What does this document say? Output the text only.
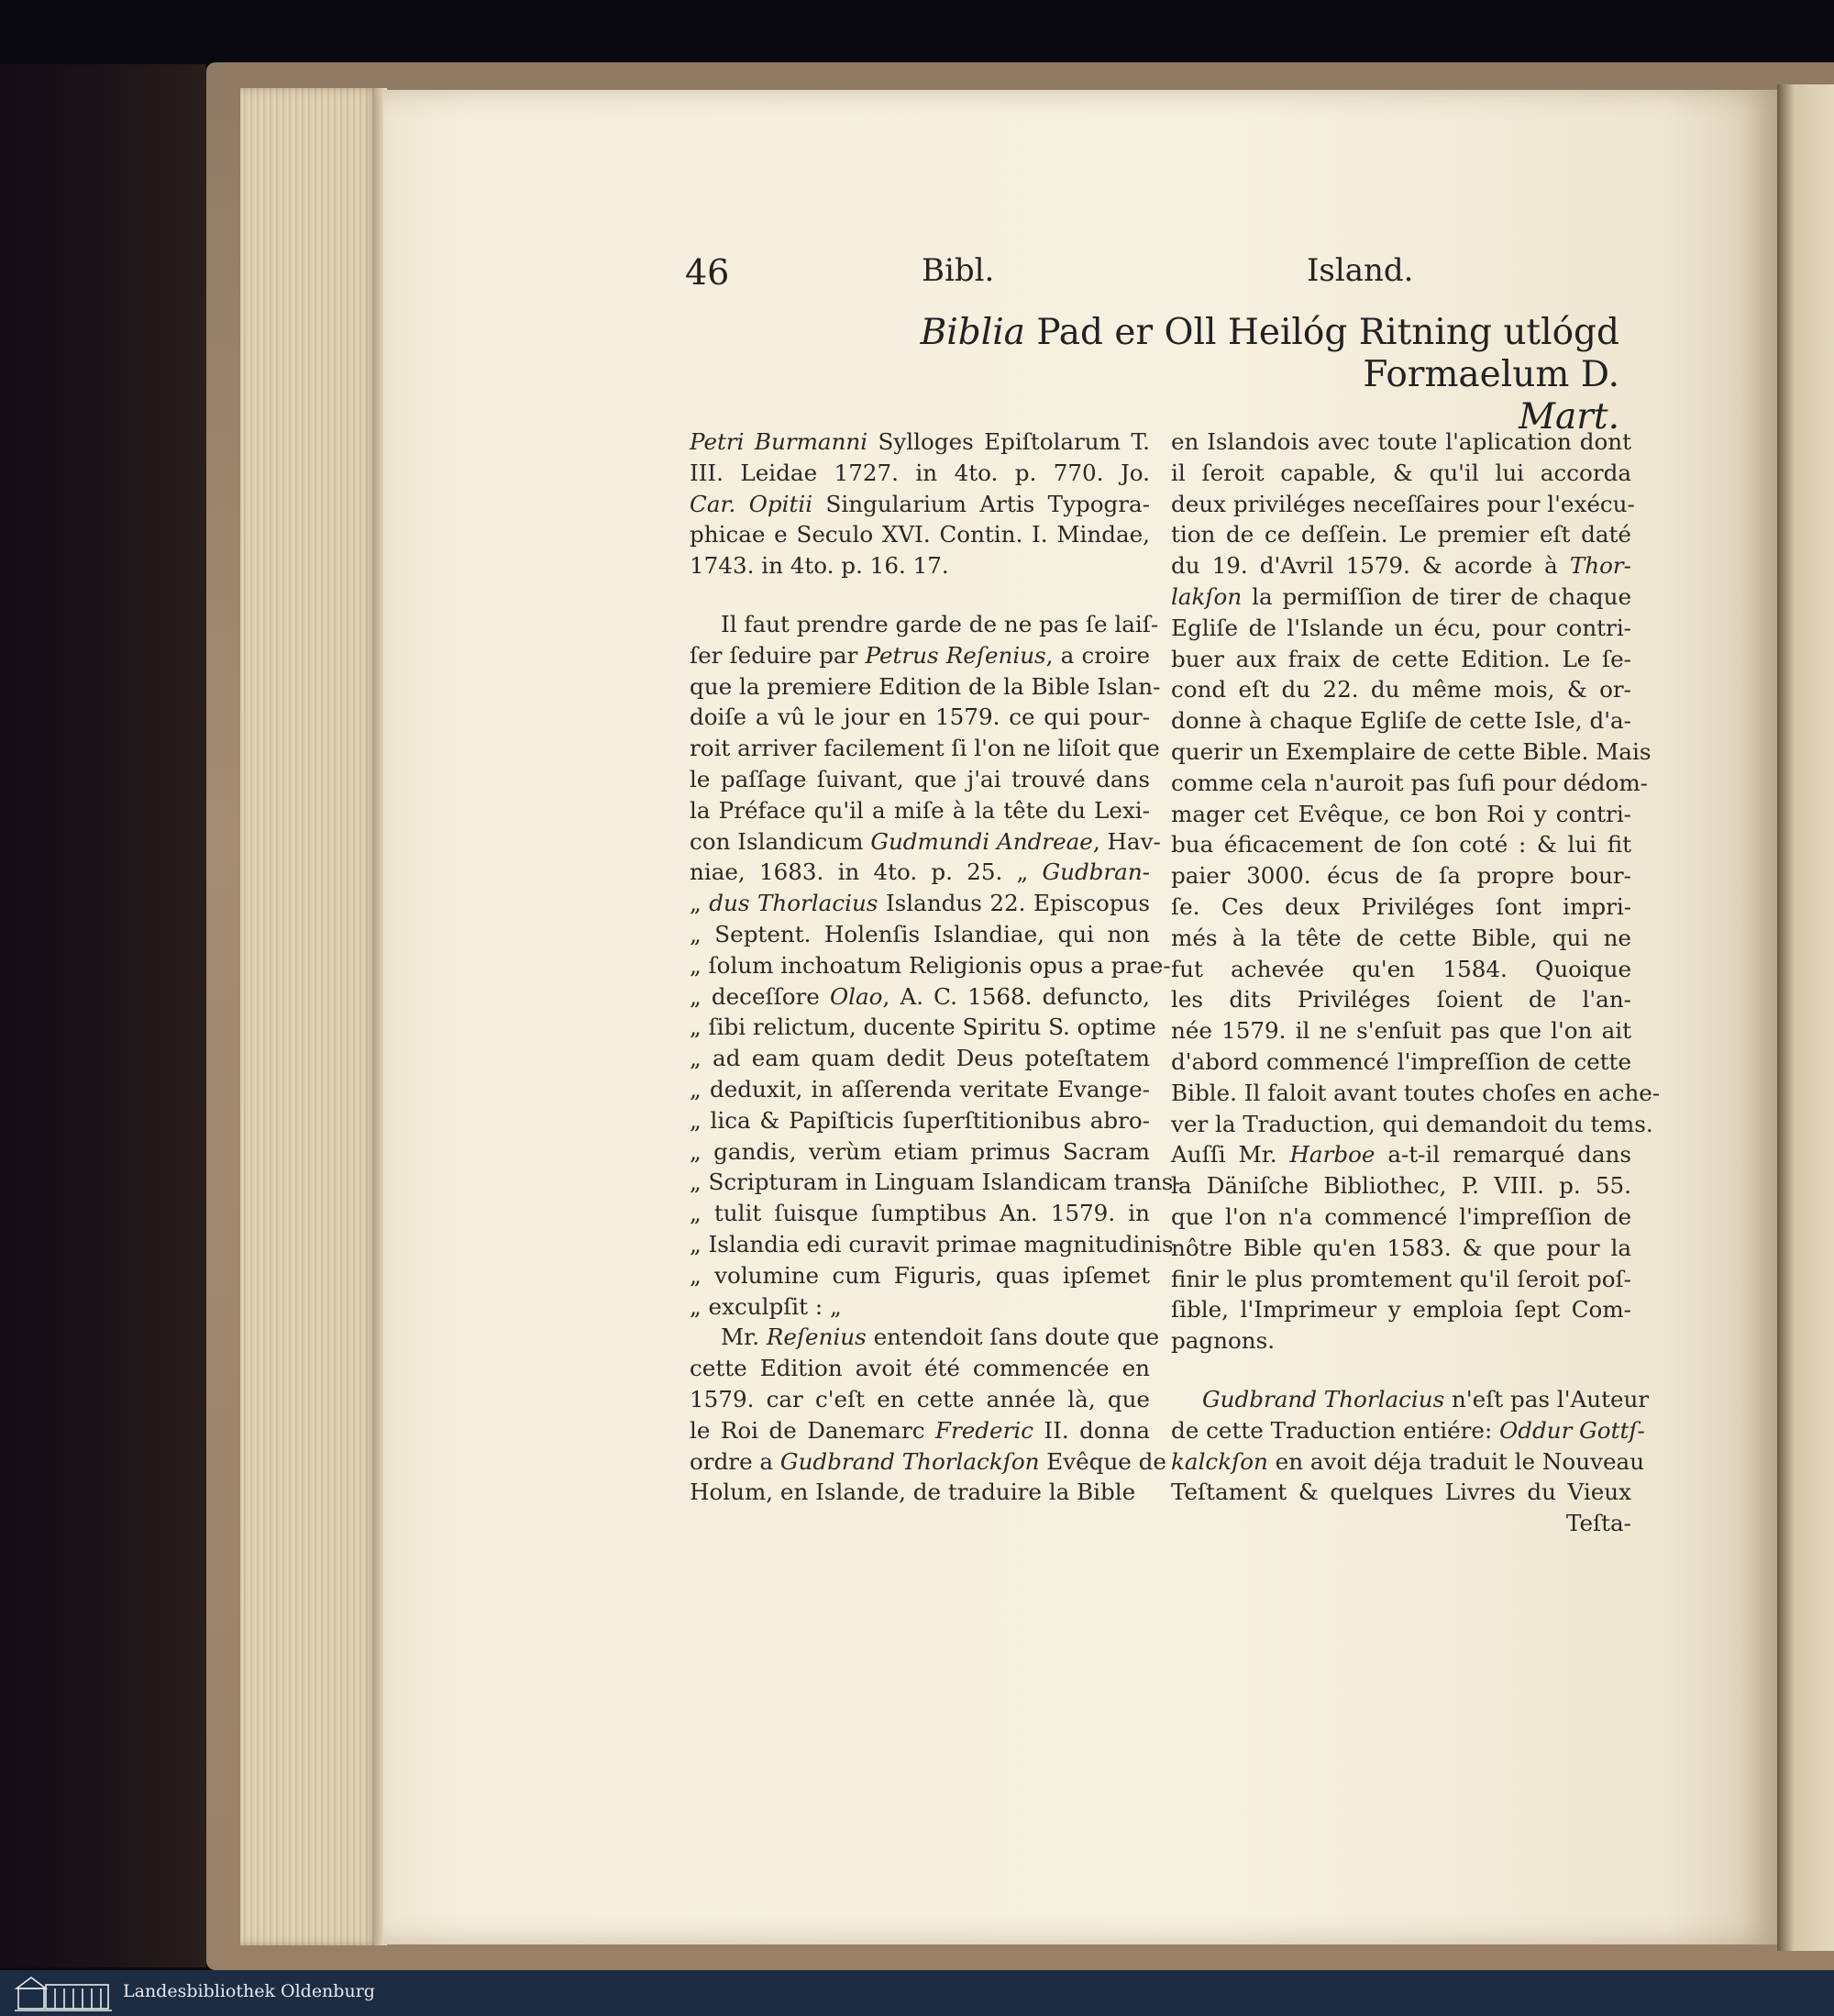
46	Bibl.	Island.
Biblia Pad er Oll Heilóg Ritning utlógd Formaelum D.
Mart.
Petri Burmanni Sylloges Epiſtolarum T.
III. Leidae 1727. in 4to. p. 770. Jo.
Car. Opitii Singularium Artis Typogra-
phicae e Seculo XVI. Contin. I. Mindae,
1743. in 4to. p. 16. 17.
Il faut prendre garde de ne pas ſe laiſ-
ſer ſeduire par Petrus Reſenius, a croire
que la premiere Edition de la Bible Islan-
doiſe a vû le jour en 1579. ce qui pour-
roit arriver facilement ſi l'on ne liſoit que
le paſſage ſuivant, que j'ai trouvé dans
la Préface qu'il a miſe à la tête du Lexi-
con Islandicum Gudmundi Andreae, Hav-
niae, 1683. in 4to. p. 25. „ Gudbran-
„ dus Thorlacius Islandus 22. Episcopus
„ Septent. Holenſis Islandiae, qui non
„ ſolum inchoatum Religionis opus a prae-
„ deceſſore Olao, A. C. 1568. defuncto,
„ ſibi relictum, ducente Spiritu S. optime
„ ad eam quam dedit Deus poteſtatem
„ deduxit, in aſſerenda veritate Evange-
„ lica & Papiſticis ſuperſtitionibus abro-
„ gandis, verùm etiam primus Sacram
„ Scripturam in Linguam Islandicam trans-
„ tulit ſuisque ſumptibus An. 1579. in
„ Islandia edi curavit primae magnitudinis
„ volumine cum Figuris, quas ipſemet
„ exculpſit : „
Mr. Reſenius entendoit ſans doute que
cette Edition avoit été commencée en
1579. car c'eſt en cette année là, que
le Roi de Danemarc Frederic II. donna
ordre a Gudbrand Thorlackſon Evêque de
Holum, en Islande, de traduire la Bible
en Islandois avec toute l'aplication dont
il ſeroit capable, & qu'il lui accorda
deux priviléges neceſſaires pour l'exécu-
tion de ce deſſein. Le premier eſt daté
du 19. d'Avril 1579. & acorde à Thor-
lakſon la permiſſion de tirer de chaque
Egliſe de l'Islande un écu, pour contri-
buer aux fraix de cette Edition. Le ſe-
cond eſt du 22. du même mois, & or-
donne à chaque Egliſe de cette Isle, d'a-
querir un Exemplaire de cette Bible. Mais
comme cela n'auroit pas ſufi pour dédom-
mager cet Evêque, ce bon Roi y contri-
bua éficacement de ſon coté : & lui fit
paier 3000. écus de ſa propre bour-
ſe. Ces deux Priviléges ſont impri-
més à la tête de cette Bible, qui ne
fut achevée qu'en 1584. Quoique
les dits Priviléges ſoient de l'an-
née 1579. il ne s'enſuit pas que l'on ait
d'abord commencé l'impreſſion de cette
Bible. Il faloit avant toutes choſes en ache-
ver la Traduction, qui demandoit du tems.
Auſſi Mr. Harboe a-t-il remarqué dans
la Däniſche Bibliothec, P. VIII. p. 55.
que l'on n'a commencé l'impreſſion de
nôtre Bible qu'en 1583. & que pour la
finir le plus promtement qu'il ſeroit poſ-
ſible, l'Imprimeur y emploia ſept Com-
pagnons.
Gudbrand Thorlacius n'eſt pas l'Auteur
de cette Traduction entiére: Oddur Gottſ-
kalckſon en avoit déja traduit le Nouveau
Teſtament & quelques Livres du Vieux
Teſta-
Landesbibliothek Oldenburg
